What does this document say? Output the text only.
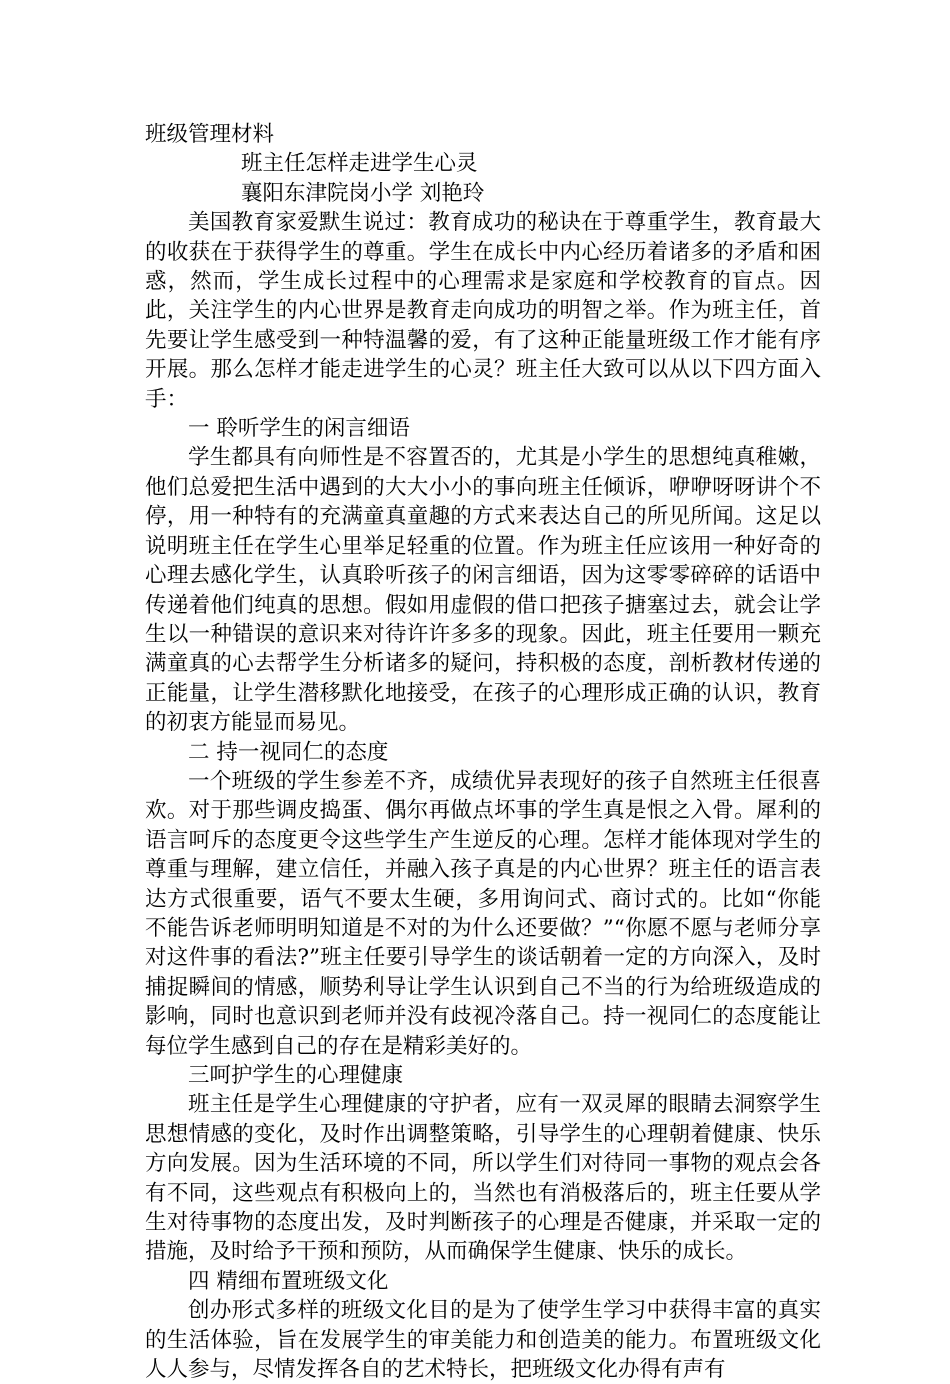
班级管理材料
班主任怎样走进学生心灵
襄阳东津院岗小学 刘艳玲

美国教育家爱默生说过：教育成功的秘诀在于尊重学生，教育最大的收获在于获得学生的尊重。学生在成长中内心经历着诸多的矛盾和困惑，然而，学生成长过程中的心理需求是家庭和学校教育的盲点。因此，关注学生的内心世界是教育走向成功的明智之举。作为班主任，首先要让学生感受到一种特温馨的爱，有了这种正能量班级工作才能有序开展。那么怎样才能走进学生的心灵？班主任大致可以从以下四方面入手：

一 聆听学生的闲言细语

学生都具有向师性是不容置否的，尤其是小学生的思想纯真稚嫩，他们总爱把生活中遇到的大大小小的事向班主任倾诉，咿咿呀呀讲个不停，用一种特有的充满童真童趣的方式来表达自己的所见所闻。这足以说明班主任在学生心里举足轻重的位置。作为班主任应该用一种好奇的心理去感化学生，认真聆听孩子的闲言细语，因为这零零碎碎的话语中传递着他们纯真的思想。假如用虚假的借口把孩子搪塞过去，就会让学生以一种错误的意识来对待许许多多的现象。因此，班主任要用一颗充满童真的心去帮学生分析诸多的疑问，持积极的态度，剖析教材传递的正能量，让学生潜移默化地接受，在孩子的心理形成正确的认识，教育的初衷方能显而易见。

二 持一视同仁的态度

一个班级的学生参差不齐，成绩优异表现好的孩子自然班主任很喜欢。对于那些调皮捣蛋、偶尔再做点坏事的学生真是恨之入骨。犀利的语言呵斥的态度更令这些学生产生逆反的心理。怎样才能体现对学生的尊重与理解，建立信任，并融入孩子真是的内心世界？班主任的语言表达方式很重要，语气不要太生硬，多用询问式、商讨式的。比如“你能不能告诉老师明明知道是不对的为什么还要做？”“你愿不愿与老师分享对这件事的看法?”班主任要引导学生的谈话朝着一定的方向深入，及时捕捉瞬间的情感，顺势利导让学生认识到自己不当的行为给班级造成的影响，同时也意识到老师并没有歧视冷落自己。持一视同仁的态度能让每位学生感到自己的存在是精彩美好的。

三呵护学生的心理健康

班主任是学生心理健康的守护者，应有一双灵犀的眼睛去洞察学生思想情感的变化，及时作出调整策略，引导学生的心理朝着健康、快乐方向发展。因为生活环境的不同，所以学生们对待同一事物的观点会各有不同，这些观点有积极向上的，当然也有消极落后的，班主任要从学生对待事物的态度出发，及时判断孩子的心理是否健康，并采取一定的措施，及时给予干预和预防，从而确保学生健康、快乐的成长。

四 精细布置班级文化

创办形式多样的班级文化目的是为了使学生学习中获得丰富的真实的生活体验，旨在发展学生的审美能力和创造美的能力。布置班级文化人人参与，尽情发挥各自的艺术特长，把班级文化办得有声有
